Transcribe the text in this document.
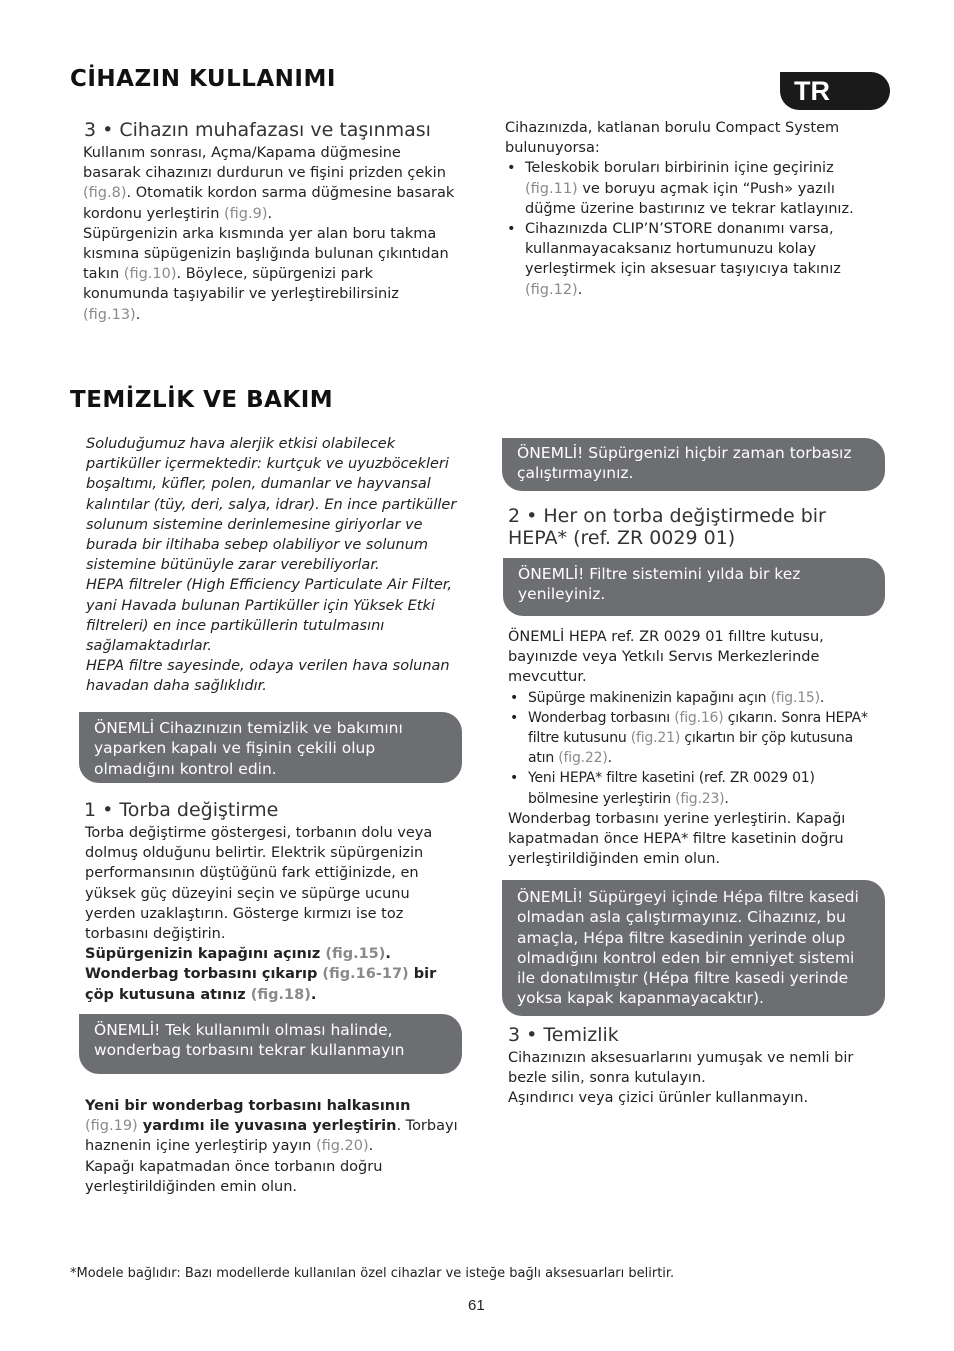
CİHAZIN KULLANIMI	TR
3 • Cihazın muhafazası ve taşınması

Kullanım sonrası, Açma/Kapama düğmesine basarak cihazınızı durdurun ve fişini prizden çekin (fig.8). Otomatik kordon sarma düğmesine basarak kordonu yerleştirin (fig.9).

Süpürgenizin arka kısmında yer alan boru takma kısmına süpügenizin başlığında bulunan çıkıntıdan takın (fig.10). Böylece, süpürgenizi park konumunda taşıyabilir ve yerleştirebilirsiniz (fig.13).

Cihazınızda, katlanan borulu Compact System bulunuyorsa:

• Teleskobik boruları birbirinin içine geçiriniz (fig.11) ve boruyu açmak için “Push» yazılı düğme üzerine bastırınız ve tekrar katlayınız.
• Cihazınızda CLIP’N’STORE donanımı varsa, kullanmayacaksanız hortumunuzu kolay yerleştirmek için aksesuar taşıyıcıya takınız (fig.12).
TEMİZLİK VE BAKIM

Soluduğumuz hava alerjik etkisi olabilecek partiküller içermektedir: kurtçuk ve uyuzböcekleri boşaltımı, küfler, polen, dumanlar ve hayvansal kalıntılar (tüy, deri, salya, idrar). En ince partiküller solunum sistemine derinlemesine giriyorlar ve burada bir iltihaba sebep olabiliyor ve solunum sistemine bütünüyle zarar verebiliyorlar.

HEPA filtreler (High Efficiency Particulate Air Filter, yani Havada bulunan Partiküller için Yüksek Etki filtreleri) en ince partiküllerin tutulmasını sağlamaktadırlar.

HEPA filtre sayesinde, odaya verilen hava solunan havadan daha sağlıklıdır.

ÖNEMLİ Cihazınızın temizlik ve bakımını yaparken kapalı ve fişinin çekili olup olmadığını kontrol edin.
1 • Torba değiştirme

Torba değiştirme göstergesi, torbanın dolu veya dolmuş olduğunu belirtir. Elektrik süpürgenizin performansının düştüğünü fark ettiğinizde, en yüksek güç düzeyini seçin ve süpürge ucunu yerden uzaklaştırın. Gösterge kırmızı ise toz torbasını değiştirin.

Süpürgenizin kapağını açınız (fig.15).

Wonderbag torbasını çıkarıp (fig.16-17) bir çöp kutusuna atınız (fig.18).

ÖNEMLİ! Tek kullanımlı olması halinde, wonderbag torbasını tekrar kullanmayın

Yeni bir wonderbag torbasını halkasının
(fig.19) yardımı ile yuvasına yerleştirin. Torbayı haznenin içine yerleştirip yayın (fig.20).

Kapağı kapatmadan önce torbanın doğru yerleştirildiğinden emin olun.

ÖNEMLİ! Süpürgenizi hiçbir zaman torbasız çalıştırmayınız.
2 • Her on torba değiştirmede bir HEPA* (ref. ZR 0029 01)
ÖNEMLİ! Filtre sistemini yılda bir kez yenileyiniz.

ÖNEMLİ HEPA ref. ZR 0029 01 fılltre kutusu, bayınızde veya Yetkılı Servıs Merkezlerinde mevcuttur.

• Süpürge makinenizin kapağını açın (fig.15).
• Wonderbag torbasını (fig.16) çıkarın. Sonra HEPA* filtre kutusunu (fig.21) çıkartın bir çöp kutusuna atın (fig.22).
• Yeni HEPA* filtre kasetini (ref. ZR 0029 01) bölmesine yerleştirin (fig.23).

Wonderbag torbasını yerine yerleştirin. Kapağı kapatmadan önce HEPA* filtre kasetinin doğru yerleştirildiğinden emin olun.

ÖNEMLİ! Süpürgeyi içinde Hépa filtre kasedi olmadan asla çalıştırmayınız. Cihazınız, bu amaçla, Hépa filtre kasedinin yerinde olup olmadığını kontrol eden bir emniyet sistemi ile donatılmıştır (Hépa filtre kasedi yerinde yoksa kapak kapanmayacaktır).
3 • Temizlik

Cihazınızın aksesuarlarını yumuşak ve nemli bir bezle silin, sonra kutulayın.

Aşındırıcı veya çizici ürünler kullanmayın.

*Modele bağlıdır: Bazı modellerde kullanılan özel cihazlar ve isteğe bağlı aksesuarları belirtir.
61
